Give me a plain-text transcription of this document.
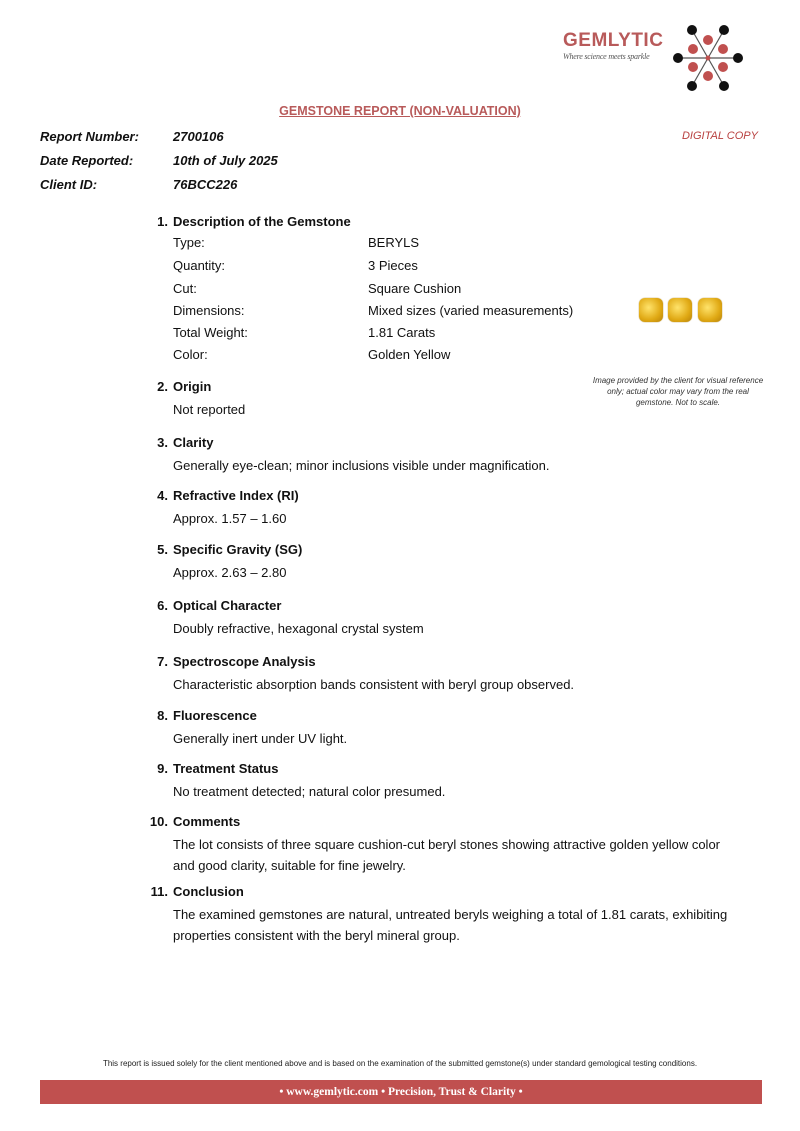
GEMLYTIC
Where science meets sparkle
GEMSTONE REPORT (NON-VALUATION)
DIGITAL COPY
Report Number:	2700106
Date Reported:	10th of July 2025
Client ID:	76BCC226
1. Description of the Gemstone
Type:	BERYLS
Quantity:	3 Pieces
Cut:	Square Cushion
Dimensions:	Mixed sizes (varied measurements)
Total Weight:	1.81 Carats
Color:	Golden Yellow
Image provided by the client for visual reference only; actual color may vary from the real gemstone. Not to scale.
2. Origin
Not reported
3. Clarity
Generally eye-clean; minor inclusions visible under magnification.
4. Refractive Index (RI)
Approx. 1.57 – 1.60
5. Specific Gravity (SG)
Approx. 2.63 – 2.80
6. Optical Character
Doubly refractive, hexagonal crystal system
7. Spectroscope Analysis
Characteristic absorption bands consistent with beryl group observed.
8. Fluorescence
Generally inert under UV light.
9. Treatment Status
No treatment detected; natural color presumed.
10. Comments
The lot consists of three square cushion-cut beryl stones showing attractive golden yellow color
and good clarity, suitable for fine jewelry.
11. Conclusion
The examined gemstones are natural, untreated beryls weighing a total of 1.81 carats, exhibiting
properties consistent with the beryl mineral group.
This report is issued solely for the client mentioned above and is based on the examination of the submitted gemstone(s) under standard gemological testing conditions.
• www.gemlytic.com • Precision, Trust & Clarity •
